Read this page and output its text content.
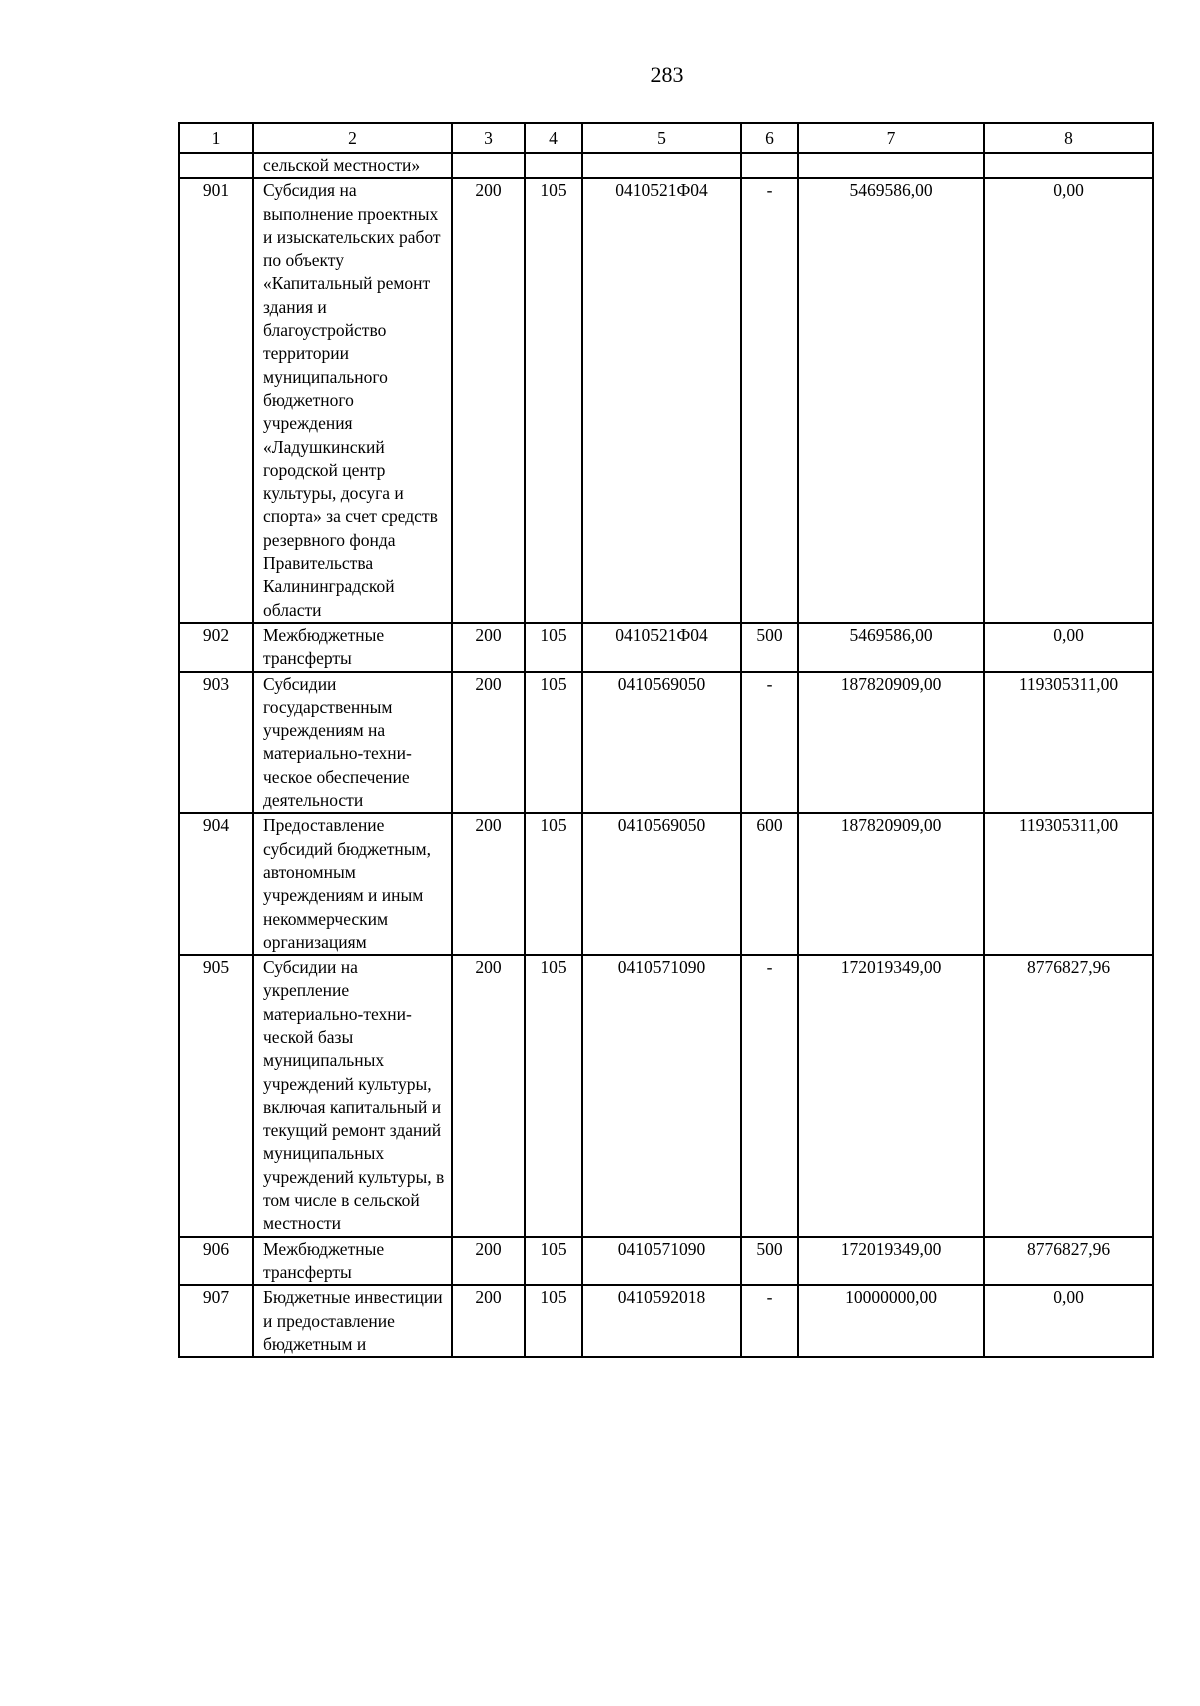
283
1	2	3	4	5	6	7	8
	сельской местности»						
901	Субсидия на выполнение проектных и изыскательских работ по объекту «Капитальный ремонт здания и благоустройство территории муниципального бюджетного учреждения «Ладушкинский городской центр культуры, досуга и спорта» за счет средств резервного фонда Правительства Калининградской области	200	105	0410521Ф04	-	5469586,00	0,00
902	Межбюджетные трансферты	200	105	0410521Ф04	500	5469586,00	0,00
903	Субсидии государственным учреждениям на материально-техни-ческое обеспечение деятельности	200	105	0410569050	-	187820909,00	119305311,00
904	Предоставление субсидий бюджетным, автономным учреждениям и иным некоммерческим организациям	200	105	0410569050	600	187820909,00	119305311,00
905	Субсидии на укрепление материально-техни-ческой базы муниципальных учреждений культуры, включая капитальный и текущий ремонт зданий муниципальных учреждений культуры, в том числе в сельской местности	200	105	0410571090	-	172019349,00	8776827,96
906	Межбюджетные трансферты	200	105	0410571090	500	172019349,00	8776827,96
907	Бюджетные инвестиции и предоставление бюджетным и	200	105	0410592018	-	10000000,00	0,00
